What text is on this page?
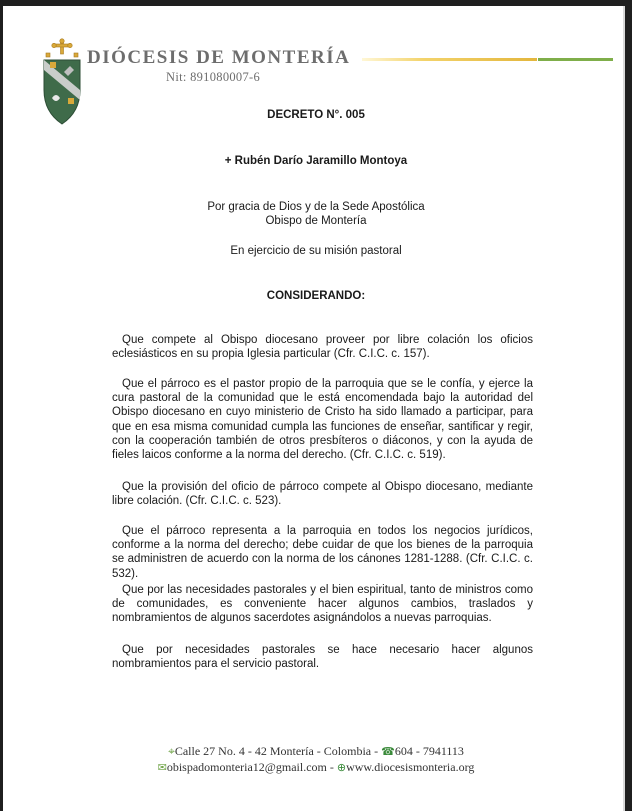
DIÓCESIS DE MONTERÍA
Nit: 891080007-6
DECRETO N°. 005
+ Rubén Darío Jaramillo Montoya
Por gracia de Dios y de la Sede Apostólica
Obispo de Montería
En ejercicio de su misión pastoral
CONSIDERANDO:
Que compete al Obispo diocesano proveer por libre colación los oficios eclesiásticos en su propia Iglesia particular (Cfr. C.I.C. c. 157).
Que el párroco es el pastor propio de la parroquia que se le confía, y ejerce la cura pastoral de la comunidad que le está encomendada bajo la autoridad del Obispo diocesano en cuyo ministerio de Cristo ha sido llamado a participar, para que en esa misma comunidad cumpla las funciones de enseñar, santificar y regir, con la cooperación también de otros presbíteros o diáconos, y con la ayuda de fieles laicos conforme a la norma del derecho. (Cfr. C.I.C. c. 519).
Que la provisión del oficio de párroco compete al Obispo diocesano, mediante libre colación. (Cfr. C.I.C. c. 523).
Que el párroco representa a la parroquia en todos los negocios jurídicos, conforme a la norma del derecho; debe cuidar de que los bienes de la parroquia se administren de acuerdo con la norma de los cánones 1281-1288. (Cfr. C.I.C. c. 532).
Que por las necesidades pastorales y el bien espiritual, tanto de ministros como de comunidades, es conveniente hacer algunos cambios, traslados y nombramientos de algunos sacerdotes asignándolos a nuevas parroquias.
Que por necesidades pastorales se hace necesario hacer algunos nombramientos para el servicio pastoral.
⌖Calle 27 No. 4 - 42 Montería - Colombia - ☎604 - 7941113
✉obispadomonteria12@gmail.com - ⊕www.diocesismonteria.org
